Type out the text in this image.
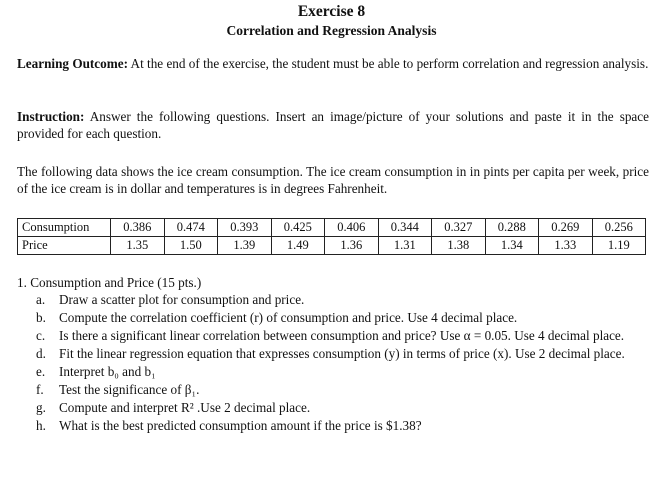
Exercise 8
Correlation and Regression Analysis
Learning Outcome: At the end of the exercise, the student must be able to perform correlation and regression analysis.
Instruction: Answer the following questions. Insert an image/picture of your solutions and paste it in the space provided for each question.
The following data shows the ice cream consumption. The ice cream consumption in in pints per capita per week, price of the ice cream is in dollar and temperatures is in degrees Fahrenheit.
Consumption	0.386	0.474	0.393	0.425	0.406	0.344	0.327	0.288	0.269	0.256
Price	1.35	1.50	1.39	1.49	1.36	1.31	1.38	1.34	1.33	1.19
1. Consumption and Price (15 pts.)
a. Draw a scatter plot for consumption and price.
b. Compute the correlation coefficient (r) of consumption and price. Use 4 decimal place.
c. Is there a significant linear correlation between consumption and price? Use α = 0.05. Use 4 decimal place.
d. Fit the linear regression equation that expresses consumption (y) in terms of price (x). Use 2 decimal place.
e. Interpret b₀ and b₁
f. Test the significance of β₁.
g. Compute and interpret R² .Use 2 decimal place.
h. What is the best predicted consumption amount if the price is $1.38?
